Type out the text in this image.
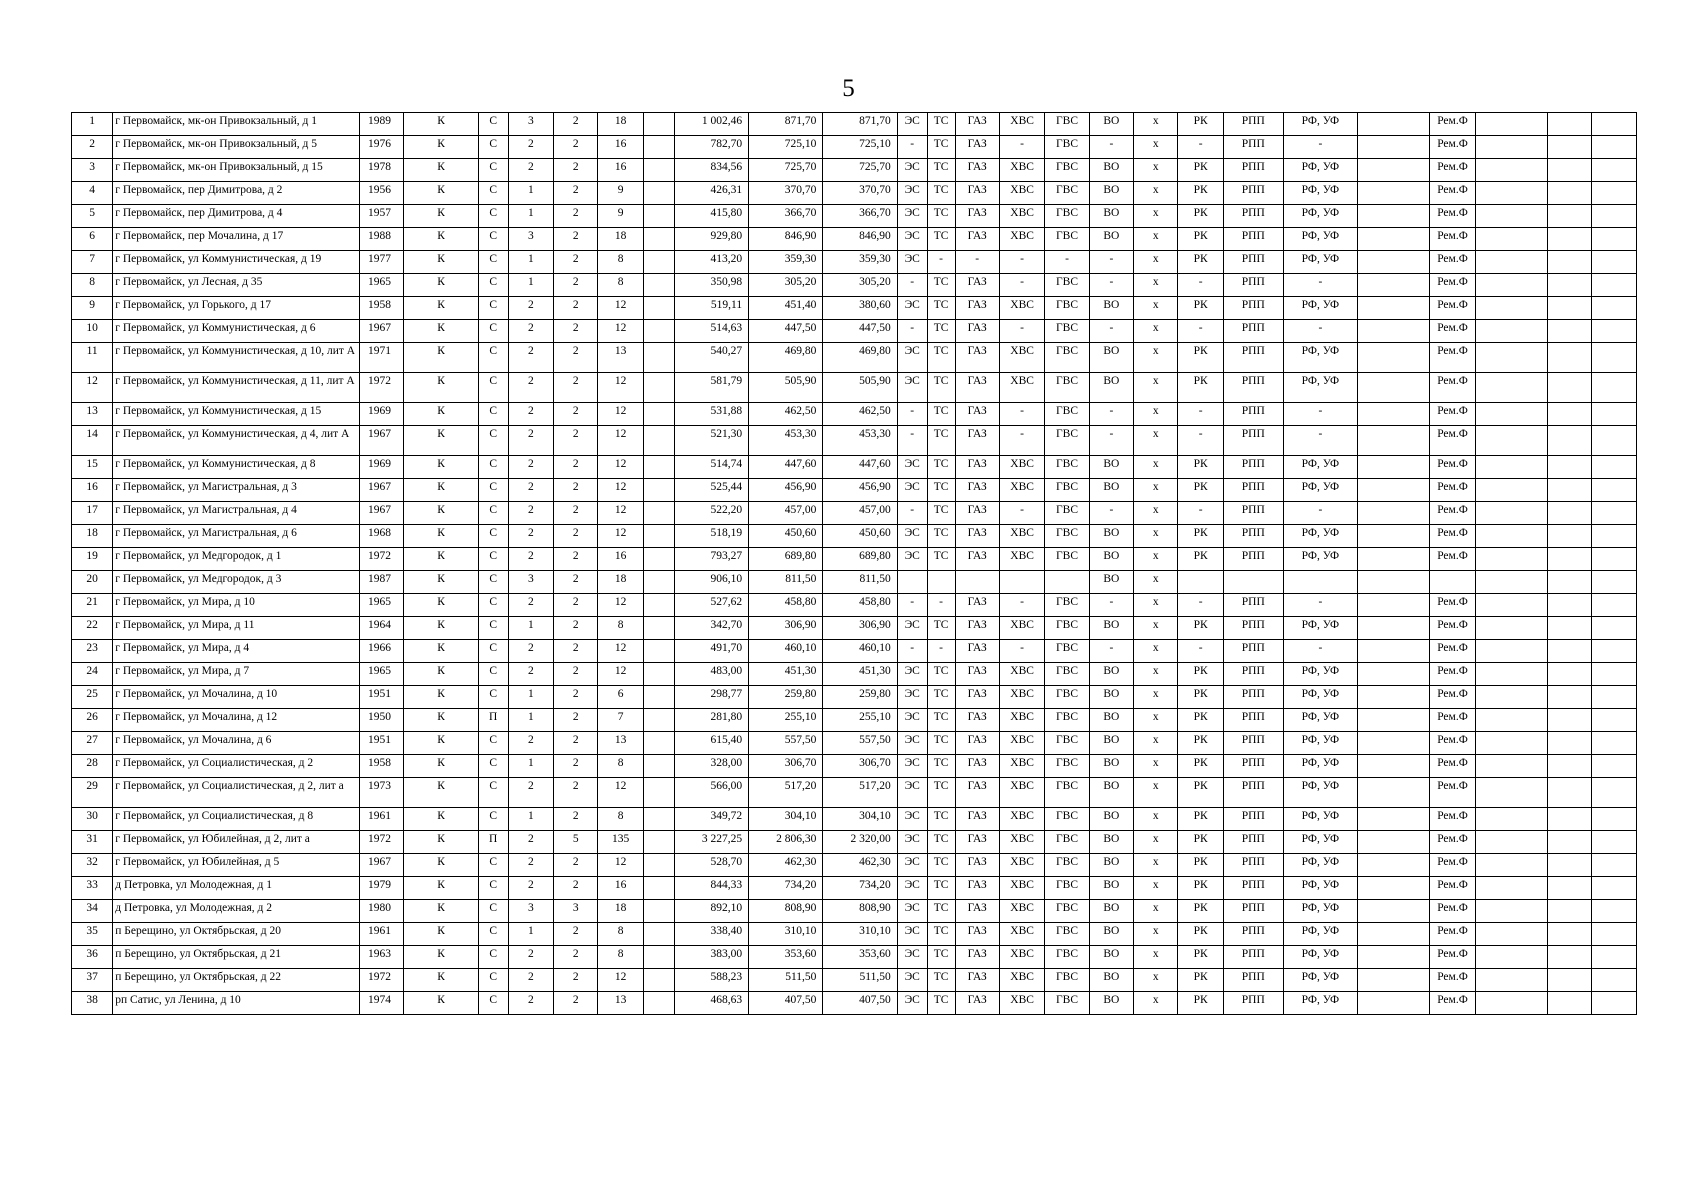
5
1	г Первомайск, мк-он Привокзальный, д 1	1989	К	С	3	2	18		1 002,46	871,70	871,70	ЭС	ТС	ГАЗ	ХВС	ГВС	ВО	х	РК	РПП	РФ, УФ		Рем.Ф			
2	г Первомайск, мк-он Привокзальный, д 5	1976	К	С	2	2	16		782,70	725,10	725,10	-	ТС	ГАЗ	-	ГВС	-	х	-	РПП	-		Рем.Ф			
3	г Первомайск, мк-он Привокзальный, д 15	1978	К	С	2	2	16		834,56	725,70	725,70	ЭС	ТС	ГАЗ	ХВС	ГВС	ВО	х	РК	РПП	РФ, УФ		Рем.Ф			
4	г Первомайск, пер Димитрова, д 2	1956	К	С	1	2	9		426,31	370,70	370,70	ЭС	ТС	ГАЗ	ХВС	ГВС	ВО	х	РК	РПП	РФ, УФ		Рем.Ф			
5	г Первомайск, пер Димитрова, д 4	1957	К	С	1	2	9		415,80	366,70	366,70	ЭС	ТС	ГАЗ	ХВС	ГВС	ВО	х	РК	РПП	РФ, УФ		Рем.Ф			
6	г Первомайск, пер Мочалина, д 17	1988	К	С	3	2	18		929,80	846,90	846,90	ЭС	ТС	ГАЗ	ХВС	ГВС	ВО	х	РК	РПП	РФ, УФ		Рем.Ф			
7	г Первомайск, ул Коммунистическая, д 19	1977	К	С	1	2	8		413,20	359,30	359,30	ЭС	-	-	-	-	-	х	РК	РПП	РФ, УФ		Рем.Ф			
8	г Первомайск, ул Лесная, д 35	1965	К	С	1	2	8		350,98	305,20	305,20	-	ТС	ГАЗ	-	ГВС	-	х	-	РПП	-		Рем.Ф			
9	г Первомайск, ул Горького, д 17	1958	К	С	2	2	12		519,11	451,40	380,60	ЭС	ТС	ГАЗ	ХВС	ГВС	ВО	х	РК	РПП	РФ, УФ		Рем.Ф			
10	г Первомайск, ул Коммунистическая, д 6	1967	К	С	2	2	12		514,63	447,50	447,50	-	ТС	ГАЗ	-	ГВС	-	х	-	РПП	-		Рем.Ф			
11	г Первомайск, ул Коммунистическая, д 10, лит А	1971	К	С	2	2	13		540,27	469,80	469,80	ЭС	ТС	ГАЗ	ХВС	ГВС	ВО	х	РК	РПП	РФ, УФ		Рем.Ф			
12	г Первомайск, ул Коммунистическая, д 11, лит А	1972	К	С	2	2	12		581,79	505,90	505,90	ЭС	ТС	ГАЗ	ХВС	ГВС	ВО	х	РК	РПП	РФ, УФ		Рем.Ф			
13	г Первомайск, ул Коммунистическая, д 15	1969	К	С	2	2	12		531,88	462,50	462,50	-	ТС	ГАЗ	-	ГВС	-	х	-	РПП	-		Рем.Ф			
14	г Первомайск, ул Коммунистическая, д 4, лит А	1967	К	С	2	2	12		521,30	453,30	453,30	-	ТС	ГАЗ	-	ГВС	-	х	-	РПП	-		Рем.Ф			
15	г Первомайск, ул Коммунистическая, д 8	1969	К	С	2	2	12		514,74	447,60	447,60	ЭС	ТС	ГАЗ	ХВС	ГВС	ВО	х	РК	РПП	РФ, УФ		Рем.Ф			
16	г Первомайск, ул Магистральная, д 3	1967	К	С	2	2	12		525,44	456,90	456,90	ЭС	ТС	ГАЗ	ХВС	ГВС	ВО	х	РК	РПП	РФ, УФ		Рем.Ф			
17	г Первомайск, ул Магистральная, д 4	1967	К	С	2	2	12		522,20	457,00	457,00	-	ТС	ГАЗ	-	ГВС	-	х	-	РПП	-		Рем.Ф			
18	г Первомайск, ул Магистральная, д 6	1968	К	С	2	2	12		518,19	450,60	450,60	ЭС	ТС	ГАЗ	ХВС	ГВС	ВО	х	РК	РПП	РФ, УФ		Рем.Ф			
19	г Первомайск, ул Медгородок, д 1	1972	К	С	2	2	16		793,27	689,80	689,80	ЭС	ТС	ГАЗ	ХВС	ГВС	ВО	х	РК	РПП	РФ, УФ		Рем.Ф			
20	г Первомайск, ул Медгородок, д 3	1987	К	С	3	2	18		906,10	811,50	811,50						ВО	х								
21	г Первомайск, ул Мира, д 10	1965	К	С	2	2	12		527,62	458,80	458,80	-	-	ГАЗ	-	ГВС	-	х	-	РПП	-		Рем.Ф			
22	г Первомайск, ул Мира, д 11	1964	К	С	1	2	8		342,70	306,90	306,90	ЭС	ТС	ГАЗ	ХВС	ГВС	ВО	х	РК	РПП	РФ, УФ		Рем.Ф			
23	г Первомайск, ул Мира, д 4	1966	К	С	2	2	12		491,70	460,10	460,10	-	-	ГАЗ	-	ГВС	-	х	-	РПП	-		Рем.Ф			
24	г Первомайск, ул Мира, д 7	1965	К	С	2	2	12		483,00	451,30	451,30	ЭС	ТС	ГАЗ	ХВС	ГВС	ВО	х	РК	РПП	РФ, УФ		Рем.Ф			
25	г Первомайск, ул Мочалина, д 10	1951	К	С	1	2	6		298,77	259,80	259,80	ЭС	ТС	ГАЗ	ХВС	ГВС	ВО	х	РК	РПП	РФ, УФ		Рем.Ф			
26	г Первомайск, ул Мочалина, д 12	1950	К	П	1	2	7		281,80	255,10	255,10	ЭС	ТС	ГАЗ	ХВС	ГВС	ВО	х	РК	РПП	РФ, УФ		Рем.Ф			
27	г Первомайск, ул Мочалина, д 6	1951	К	С	2	2	13		615,40	557,50	557,50	ЭС	ТС	ГАЗ	ХВС	ГВС	ВО	х	РК	РПП	РФ, УФ		Рем.Ф			
28	г Первомайск, ул Социалистическая, д 2	1958	К	С	1	2	8		328,00	306,70	306,70	ЭС	ТС	ГАЗ	ХВС	ГВС	ВО	х	РК	РПП	РФ, УФ		Рем.Ф			
29	г Первомайск, ул Социалистическая, д 2, лит а	1973	К	С	2	2	12		566,00	517,20	517,20	ЭС	ТС	ГАЗ	ХВС	ГВС	ВО	х	РК	РПП	РФ, УФ		Рем.Ф			
30	г Первомайск, ул Социалистическая, д 8	1961	К	С	1	2	8		349,72	304,10	304,10	ЭС	ТС	ГАЗ	ХВС	ГВС	ВО	х	РК	РПП	РФ, УФ		Рем.Ф			
31	г Первомайск, ул Юбилейная, д 2, лит а	1972	К	П	2	5	135		3 227,25	2 806,30	2 320,00	ЭС	ТС	ГАЗ	ХВС	ГВС	ВО	х	РК	РПП	РФ, УФ		Рем.Ф			
32	г Первомайск, ул Юбилейная, д 5	1967	К	С	2	2	12		528,70	462,30	462,30	ЭС	ТС	ГАЗ	ХВС	ГВС	ВО	х	РК	РПП	РФ, УФ		Рем.Ф			
33	д Петровка, ул Молодежная, д 1	1979	К	С	2	2	16		844,33	734,20	734,20	ЭС	ТС	ГАЗ	ХВС	ГВС	ВО	х	РК	РПП	РФ, УФ		Рем.Ф			
34	д Петровка, ул Молодежная, д 2	1980	К	С	3	3	18		892,10	808,90	808,90	ЭС	ТС	ГАЗ	ХВС	ГВС	ВО	х	РК	РПП	РФ, УФ		Рем.Ф			
35	п Берещино, ул Октябрьская, д 20	1961	К	С	1	2	8		338,40	310,10	310,10	ЭС	ТС	ГАЗ	ХВС	ГВС	ВО	х	РК	РПП	РФ, УФ		Рем.Ф			
36	п Берещино, ул Октябрьская, д 21	1963	К	С	2	2	8		383,00	353,60	353,60	ЭС	ТС	ГАЗ	ХВС	ГВС	ВО	х	РК	РПП	РФ, УФ		Рем.Ф			
37	п Берещино, ул Октябрьская, д 22	1972	К	С	2	2	12		588,23	511,50	511,50	ЭС	ТС	ГАЗ	ХВС	ГВС	ВО	х	РК	РПП	РФ, УФ		Рем.Ф			
38	рп Сатис, ул Ленина, д 10	1974	К	С	2	2	13		468,63	407,50	407,50	ЭС	ТС	ГАЗ	ХВС	ГВС	ВО	х	РК	РПП	РФ, УФ		Рем.Ф			
